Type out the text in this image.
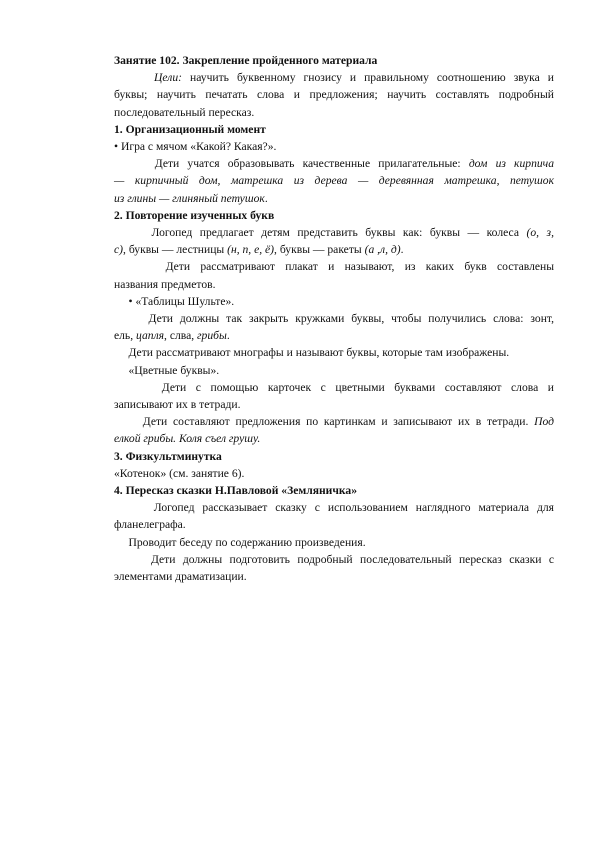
Занятие 102. Закрепление пройденного материала

Цели: научить буквенному гнозису и правильному соотношению звука и

буквы; научить печатать слова и предложения; научить составлять подробный

последовательный пересказ.

1. Организационный момент

• Игра с мячом «Какой? Какая?».

Дети учатся образовывать качественные прилагательные: дом из кирпича

— кирпичный дом, матрешка из дерева — деревянная матрешка, петушок

из глины — глиняный петушок.

2. Повторение изученных букв

Логопед предлагает детям представить буквы как: буквы — колеса (о, з,

с), буквы — лестницы (н, п, е, ё), буквы — ракеты (а ,л, д).

Дети рассматривают плакат и называют, из каких букв составлены

названия предметов.

• «Таблицы Шульте».

Дети должны так закрыть кружками буквы, чтобы получились слова: зонт,

ель, цапля, слва, грибы.

Дети рассматривают мнографы и называют буквы, которые там изображены.

«Цветные буквы».

Дети с помощью карточек с цветными буквами составляют слова и

записывают их в тетради.

Дети составляют предложения по картинкам и записывают их в тетради. Под

елкой грибы. Коля съел грушу.

3. Физкультминутка

«Котенок» (см. занятие 6).

4. Пересказ сказки Н.Павловой «Земляничка»

Логопед рассказывает сказку с использованием наглядного материала для

фланелеграфа.

Проводит беседу по содержанию произведения.

Дети должны подготовить подробный последовательный пересказ сказки с

элементами драматизации.
